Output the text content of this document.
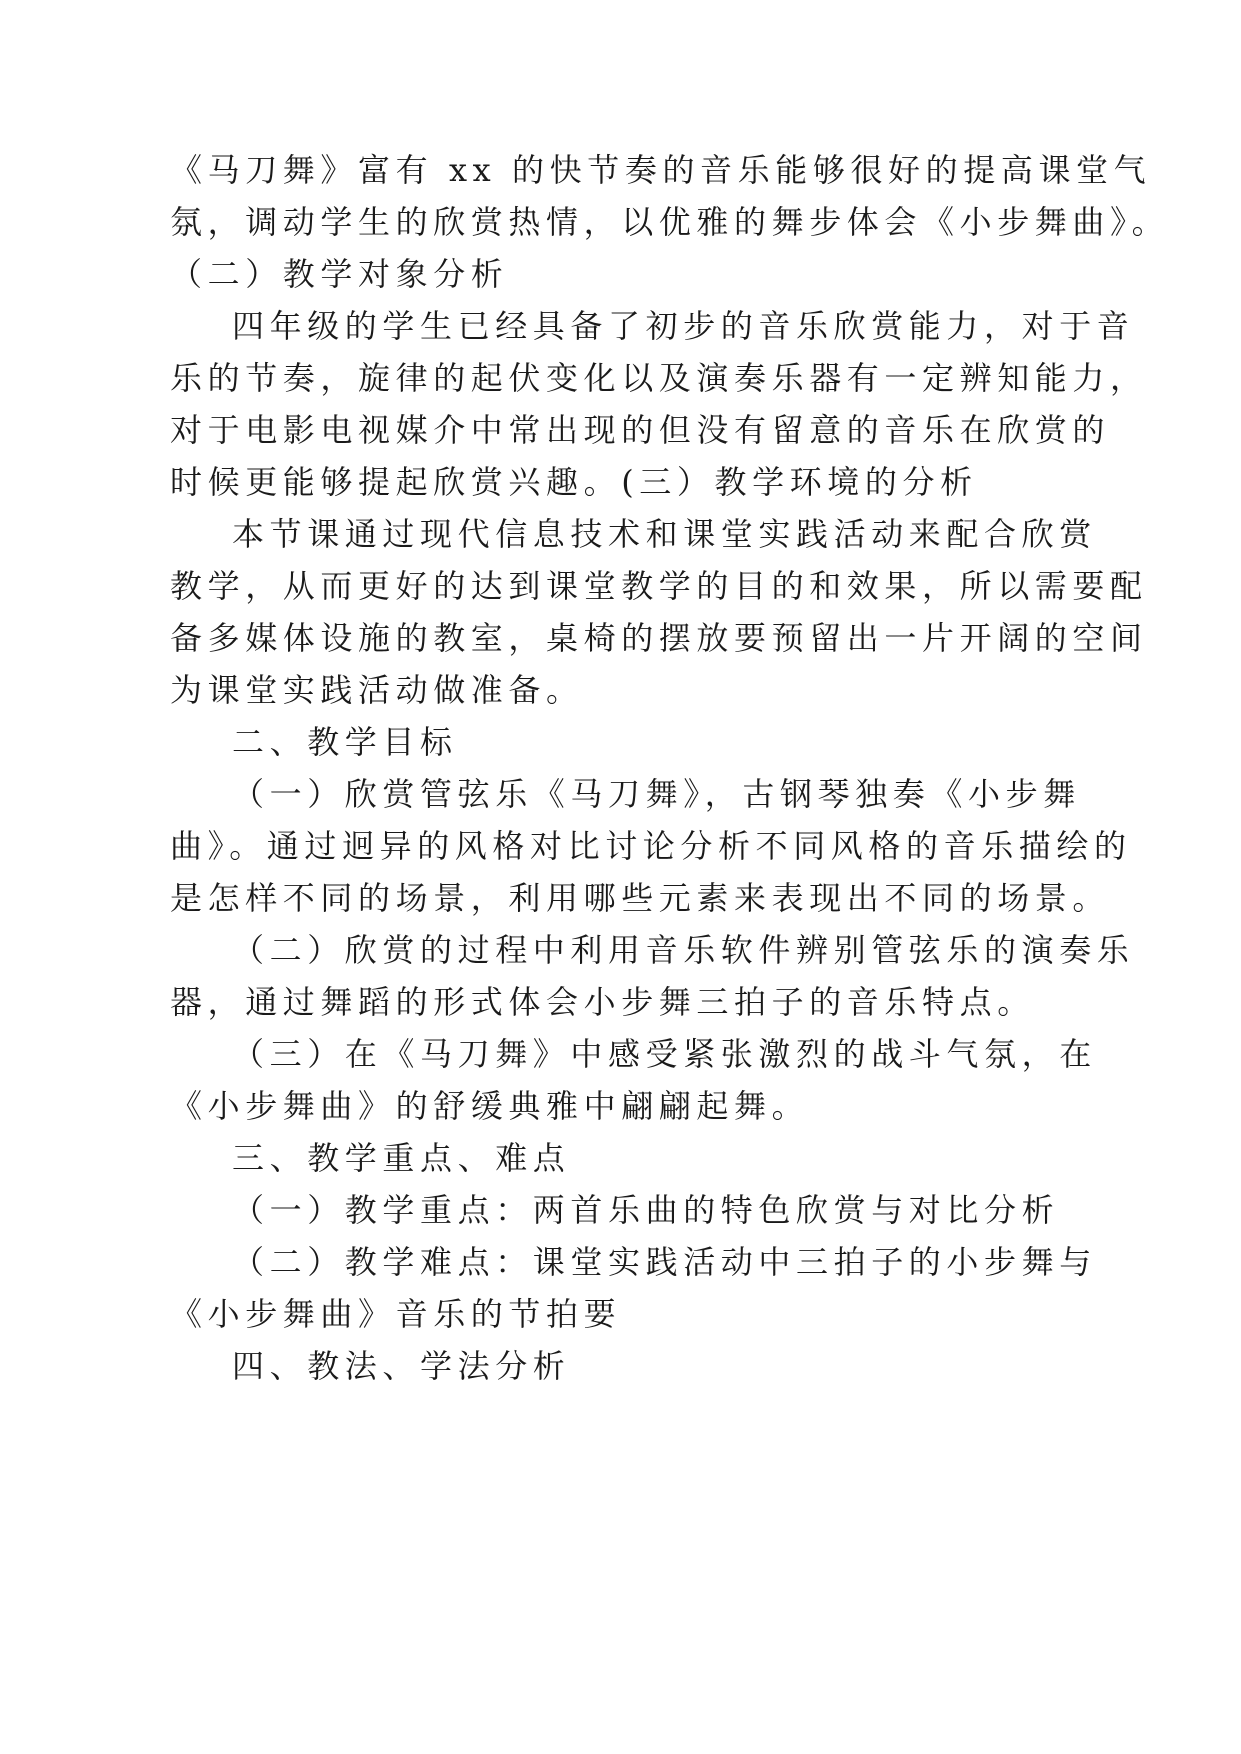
《马刀舞》富有 xx 的快节奏的音乐能够很好的提高课堂气
氛，调动学生的欣赏热情，以优雅的舞步体会《小步舞曲》。
（二）教学对象分析
四年级的学生已经具备了初步的音乐欣赏能力，对于音
乐的节奏，旋律的起伏变化以及演奏乐器有一定辨知能力，
对于电影电视媒介中常出现的但没有留意的音乐在欣赏的
时候更能够提起欣赏兴趣。(三）教学环境的分析
本节课通过现代信息技术和课堂实践活动来配合欣赏
教学，从而更好的达到课堂教学的目的和效果，所以需要配
备多媒体设施的教室，桌椅的摆放要预留出一片开阔的空间
为课堂实践活动做准备。
二、教学目标
（一）欣赏管弦乐《马刀舞》，古钢琴独奏《小步舞
曲》。通过迥异的风格对比讨论分析不同风格的音乐描绘的
是怎样不同的场景，利用哪些元素来表现出不同的场景。
（二）欣赏的过程中利用音乐软件辨别管弦乐的演奏乐
器，通过舞蹈的形式体会小步舞三拍子的音乐特点。
（三）在《马刀舞》中感受紧张激烈的战斗气氛，在
《小步舞曲》的舒缓典雅中翩翩起舞。
三、教学重点、难点
（一）教学重点：两首乐曲的特色欣赏与对比分析
（二）教学难点：课堂实践活动中三拍子的小步舞与
《小步舞曲》音乐的节拍要
四、教法、学法分析
